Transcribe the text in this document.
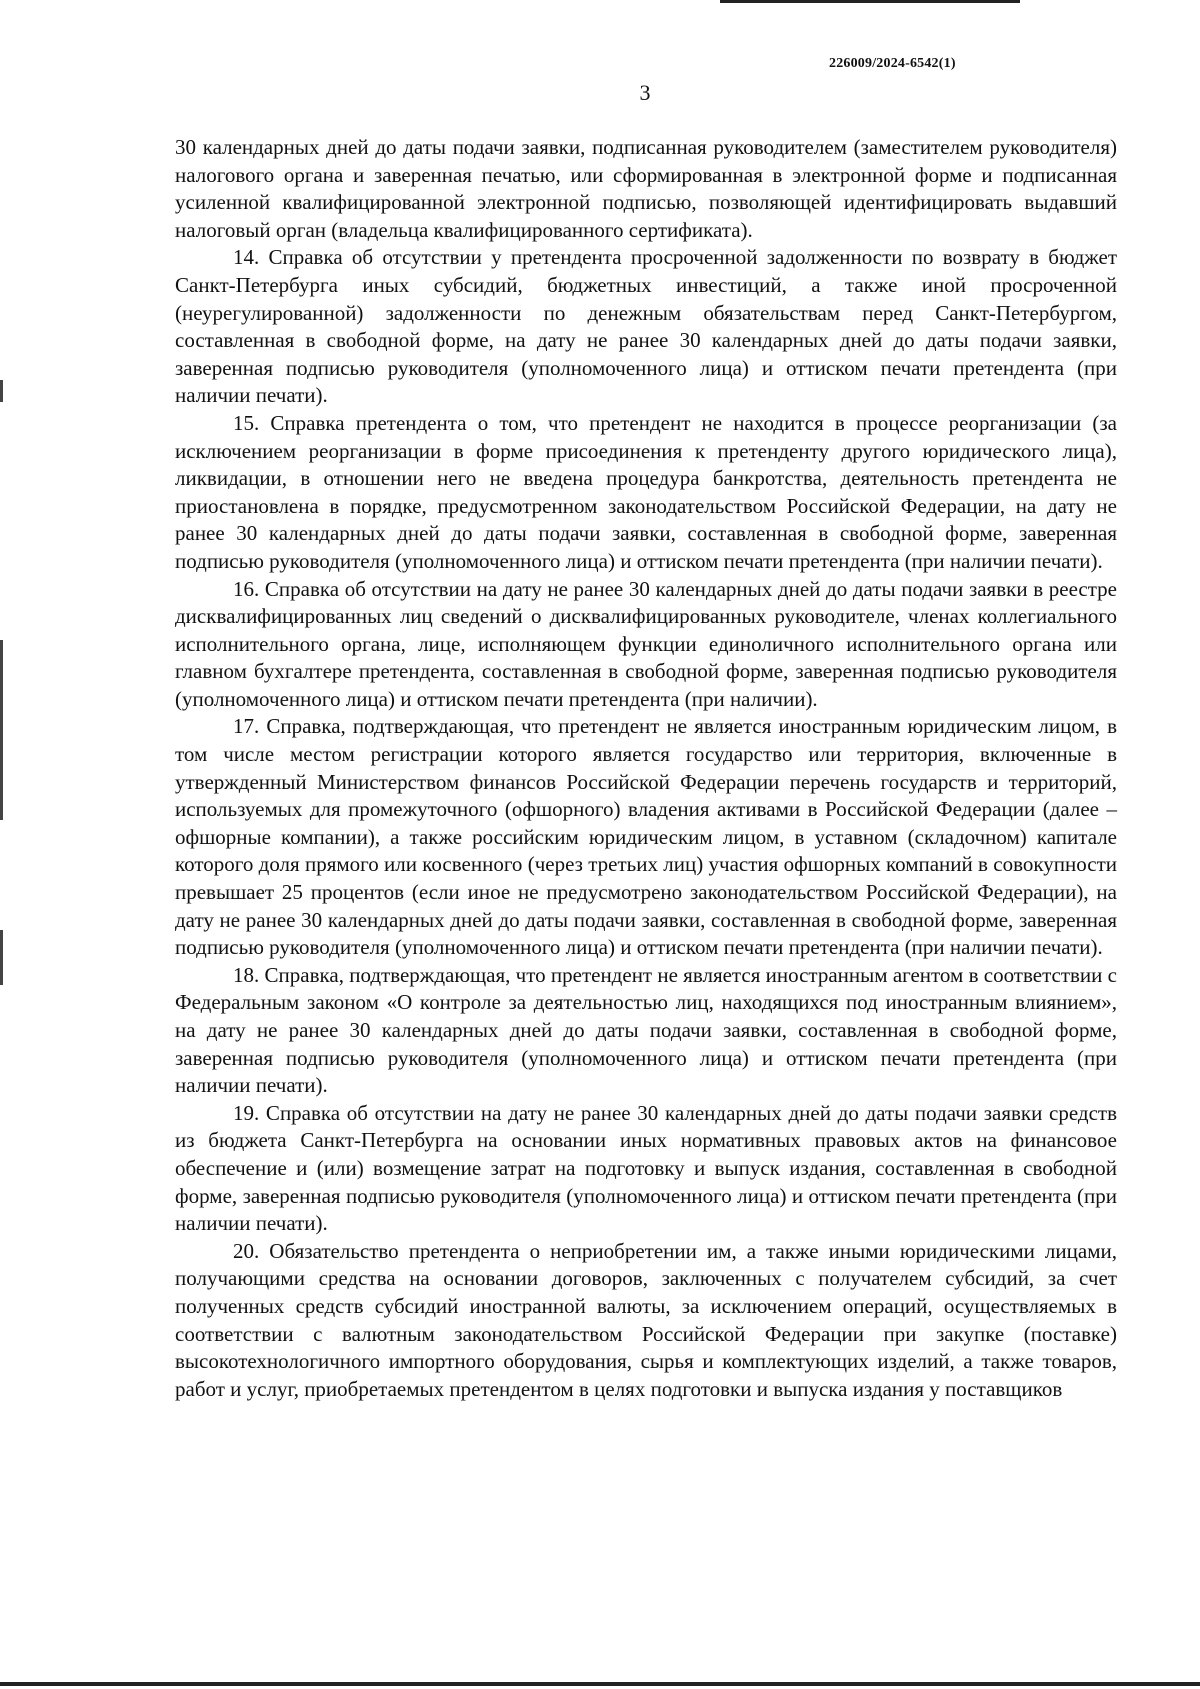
226009/2024-6542(1)
3

30 календарных дней до даты подачи заявки, подписанная руководителем (заместителем руководителя) налогового органа и заверенная печатью, или сформированная в электронной форме и подписанная усиленной квалифицированной электронной подписью, позволяющей идентифицировать выдавший налоговый орган (владельца квалифицированного сертификата).

14. Справка об отсутствии у претендента просроченной задолженности по возврату в бюджет Санкт-Петербурга иных субсидий, бюджетных инвестиций, а также иной просроченной (неурегулированной) задолженности по денежным обязательствам перед Санкт-Петербургом, составленная в свободной форме, на дату не ранее 30 календарных дней до даты подачи заявки, заверенная подписью руководителя (уполномоченного лица) и оттиском печати претендента (при наличии печати).

15. Справка претендента о том, что претендент не находится в процессе реорганизации (за исключением реорганизации в форме присоединения к претенденту другого юридического лица), ликвидации, в отношении него не введена процедура банкротства, деятельность претендента не приостановлена в порядке, предусмотренном законодательством Российской Федерации, на дату не ранее 30 календарных дней до даты подачи заявки, составленная в свободной форме, заверенная подписью руководителя (уполномоченного лица) и оттиском печати претендента (при наличии печати).

16. Справка об отсутствии на дату не ранее 30 календарных дней до даты подачи заявки в реестре дисквалифицированных лиц сведений о дисквалифицированных руководителе, членах коллегиального исполнительного органа, лице, исполняющем функции единоличного исполнительного органа или главном бухгалтере претендента, составленная в свободной форме, заверенная подписью руководителя (уполномоченного лица) и оттиском печати претендента (при наличии).

17. Справка, подтверждающая, что претендент не является иностранным юридическим лицом, в том числе местом регистрации которого является государство или территория, включенные в утвержденный Министерством финансов Российской Федерации перечень государств и территорий, используемых для промежуточного (офшорного) владения активами в Российской Федерации (далее – офшорные компании), а также российским юридическим лицом, в уставном (складочном) капитале которого доля прямого или косвенного (через третьих лиц) участия офшорных компаний в совокупности превышает 25 процентов (если иное не предусмотрено законодательством Российской Федерации), на дату не ранее 30 календарных дней до даты подачи заявки, составленная в свободной форме, заверенная подписью руководителя (уполномоченного лица) и оттиском печати претендента (при наличии печати).

18. Справка, подтверждающая, что претендент не является иностранным агентом в соответствии с Федеральным законом «О контроле за деятельностью лиц, находящихся под иностранным влиянием», на дату не ранее 30 календарных дней до даты подачи заявки, составленная в свободной форме, заверенная подписью руководителя (уполномоченного лица) и оттиском печати претендента (при наличии печати).

19. Справка об отсутствии на дату не ранее 30 календарных дней до даты подачи заявки средств из бюджета Санкт-Петербурга на основании иных нормативных правовых актов на финансовое обеспечение и (или) возмещение затрат на подготовку и выпуск издания, составленная в свободной форме, заверенная подписью руководителя (уполномоченного лица) и оттиском печати претендента (при наличии печати).

20. Обязательство претендента о неприобретении им, а также иными юридическими лицами, получающими средства на основании договоров, заключенных с получателем субсидий, за счет полученных средств субсидий иностранной валюты, за исключением операций, осуществляемых в соответствии с валютным законодательством Российской Федерации при закупке (поставке) высокотехнологичного импортного оборудования, сырья и комплектующих изделий, а также товаров, работ и услуг, приобретаемых претендентом в целях подготовки и выпуска издания у поставщиков
